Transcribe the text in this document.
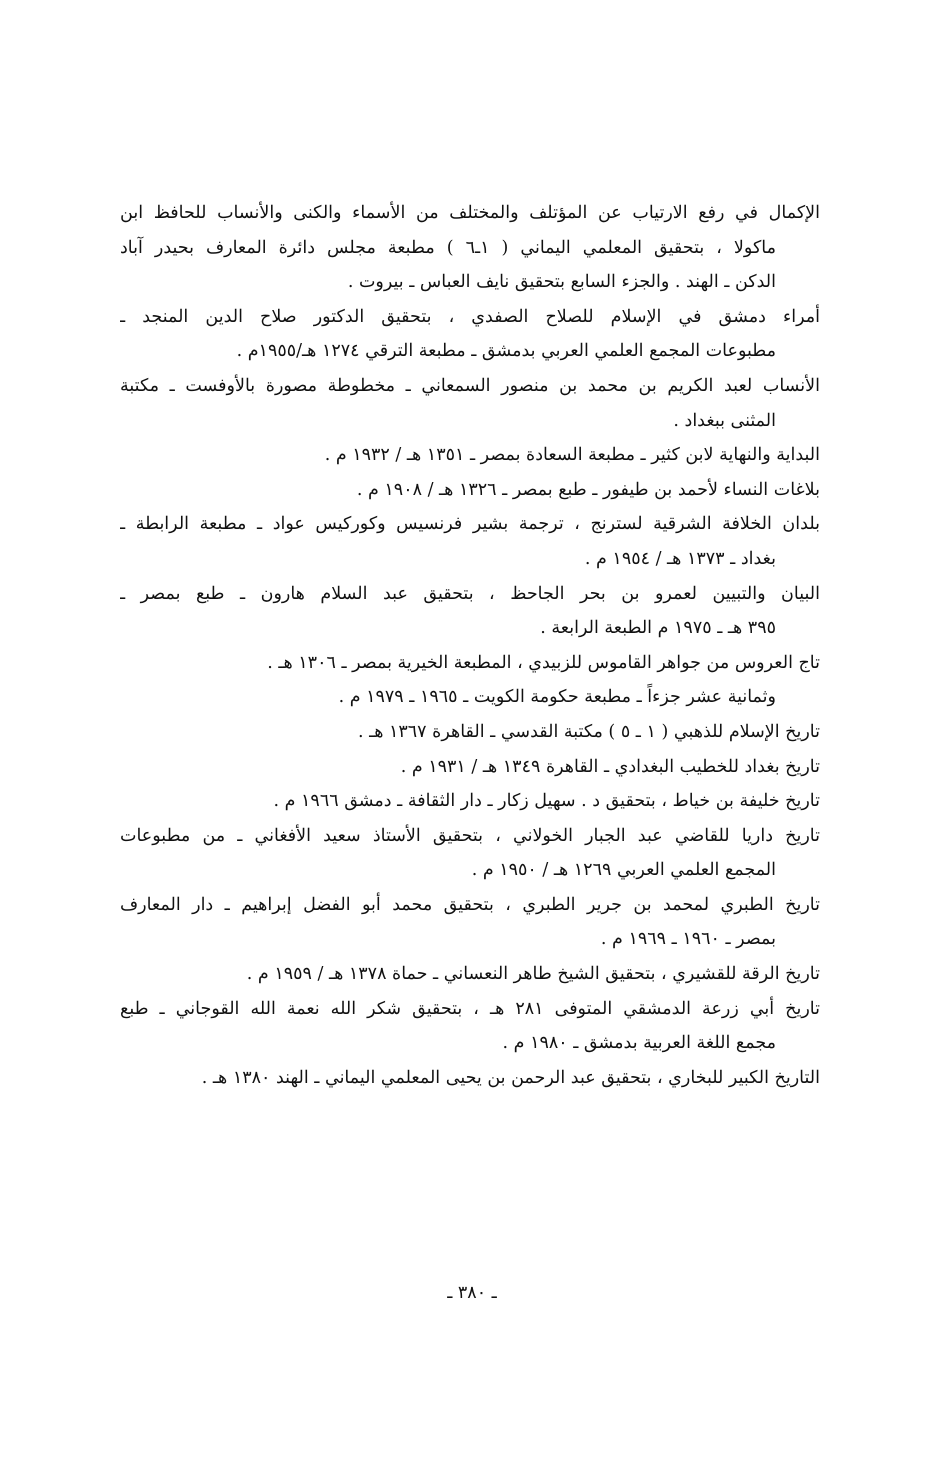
الإكمال في رفع الارتياب عن المؤتلف والمختلف من الأسماء والكنى والأنساب للحافظ ابن
ماكولا ، بتحقيق المعلمي اليماني ( ١ـ٦ ) مطبعة مجلس دائرة المعارف بحيدر آباد
الدكن ـ الهند . والجزء السابع بتحقيق نايف العباس ـ بيروت .
أمراء دمشق في الإسلام للصلاح الصفدي ، بتحقيق الدكتور صلاح الدين المنجد ـ
مطبوعات المجمع العلمي العربي بدمشق ـ مطبعة الترقي ١٢٧٤ هـ/١٩٥٥م .
الأنساب لعبد الكريم بن محمد بن منصور السمعاني ـ مخطوطة مصورة بالأوفست ـ مكتبة
المثنى ببغداد .
البداية والنهاية لابن كثير ـ مطبعة السعادة بمصر ـ ١٣٥١ هـ / ١٩٣٢ م .
بلاغات النساء لأحمد بن طيفور ـ طبع بمصر ـ ١٣٢٦ هـ / ١٩٠٨ م .
بلدان الخلافة الشرقية لسترنج ، ترجمة بشير فرنسيس وكوركيس عواد ـ مطبعة الرابطة ـ
بغداد ـ ١٣٧٣ هـ / ١٩٥٤ م .
البيان والتبيين لعمرو بن بحر الجاحظ ، بتحقيق عبد السلام هارون ـ طبع بمصر ـ
٣٩٥ هـ ـ ١٩٧٥ م الطبعة الرابعة .
تاج العروس من جواهر القاموس للزبيدي ، المطبعة الخيرية بمصر ـ ١٣٠٦ هـ .
وثمانية عشر جزءاً ـ مطبعة حكومة الكويت ـ ١٩٦٥ ـ ١٩٧٩ م .
تاريخ الإسلام للذهبي ( ١ ـ ٥ ) مكتبة القدسي ـ القاهرة ١٣٦٧ هـ .
تاريخ بغداد للخطيب البغدادي ـ القاهرة ١٣٤٩ هـ / ١٩٣١ م .
تاريخ خليفة بن خياط ، بتحقيق د . سهيل زكار ـ دار الثقافة ـ دمشق ١٩٦٦ م .
تاريخ داريا للقاضي عبد الجبار الخولاني ، بتحقيق الأستاذ سعيد الأفغاني ـ من مطبوعات
المجمع العلمي العربي ١٢٦٩ هـ / ١٩٥٠ م .
تاريخ الطبري لمحمد بن جرير الطبري ، بتحقيق محمد أبو الفضل إبراهيم ـ دار المعارف
بمصر ـ ١٩٦٠ ـ ١٩٦٩ م .
تاريخ الرقة للقشيري ، بتحقيق الشيخ طاهر النعساني ـ حماة ١٣٧٨ هـ / ١٩٥٩ م .
تاريخ أبي زرعة الدمشقي المتوفى ٢٨١ هـ ، بتحقيق شكر الله نعمة الله القوجاني ـ طبع
مجمع اللغة العربية بدمشق ـ ١٩٨٠ م .
التاريخ الكبير للبخاري ، بتحقيق عبد الرحمن بن يحيى المعلمي اليماني ـ الهند ١٣٨٠ هـ .
ـ ٣٨٠ ـ
